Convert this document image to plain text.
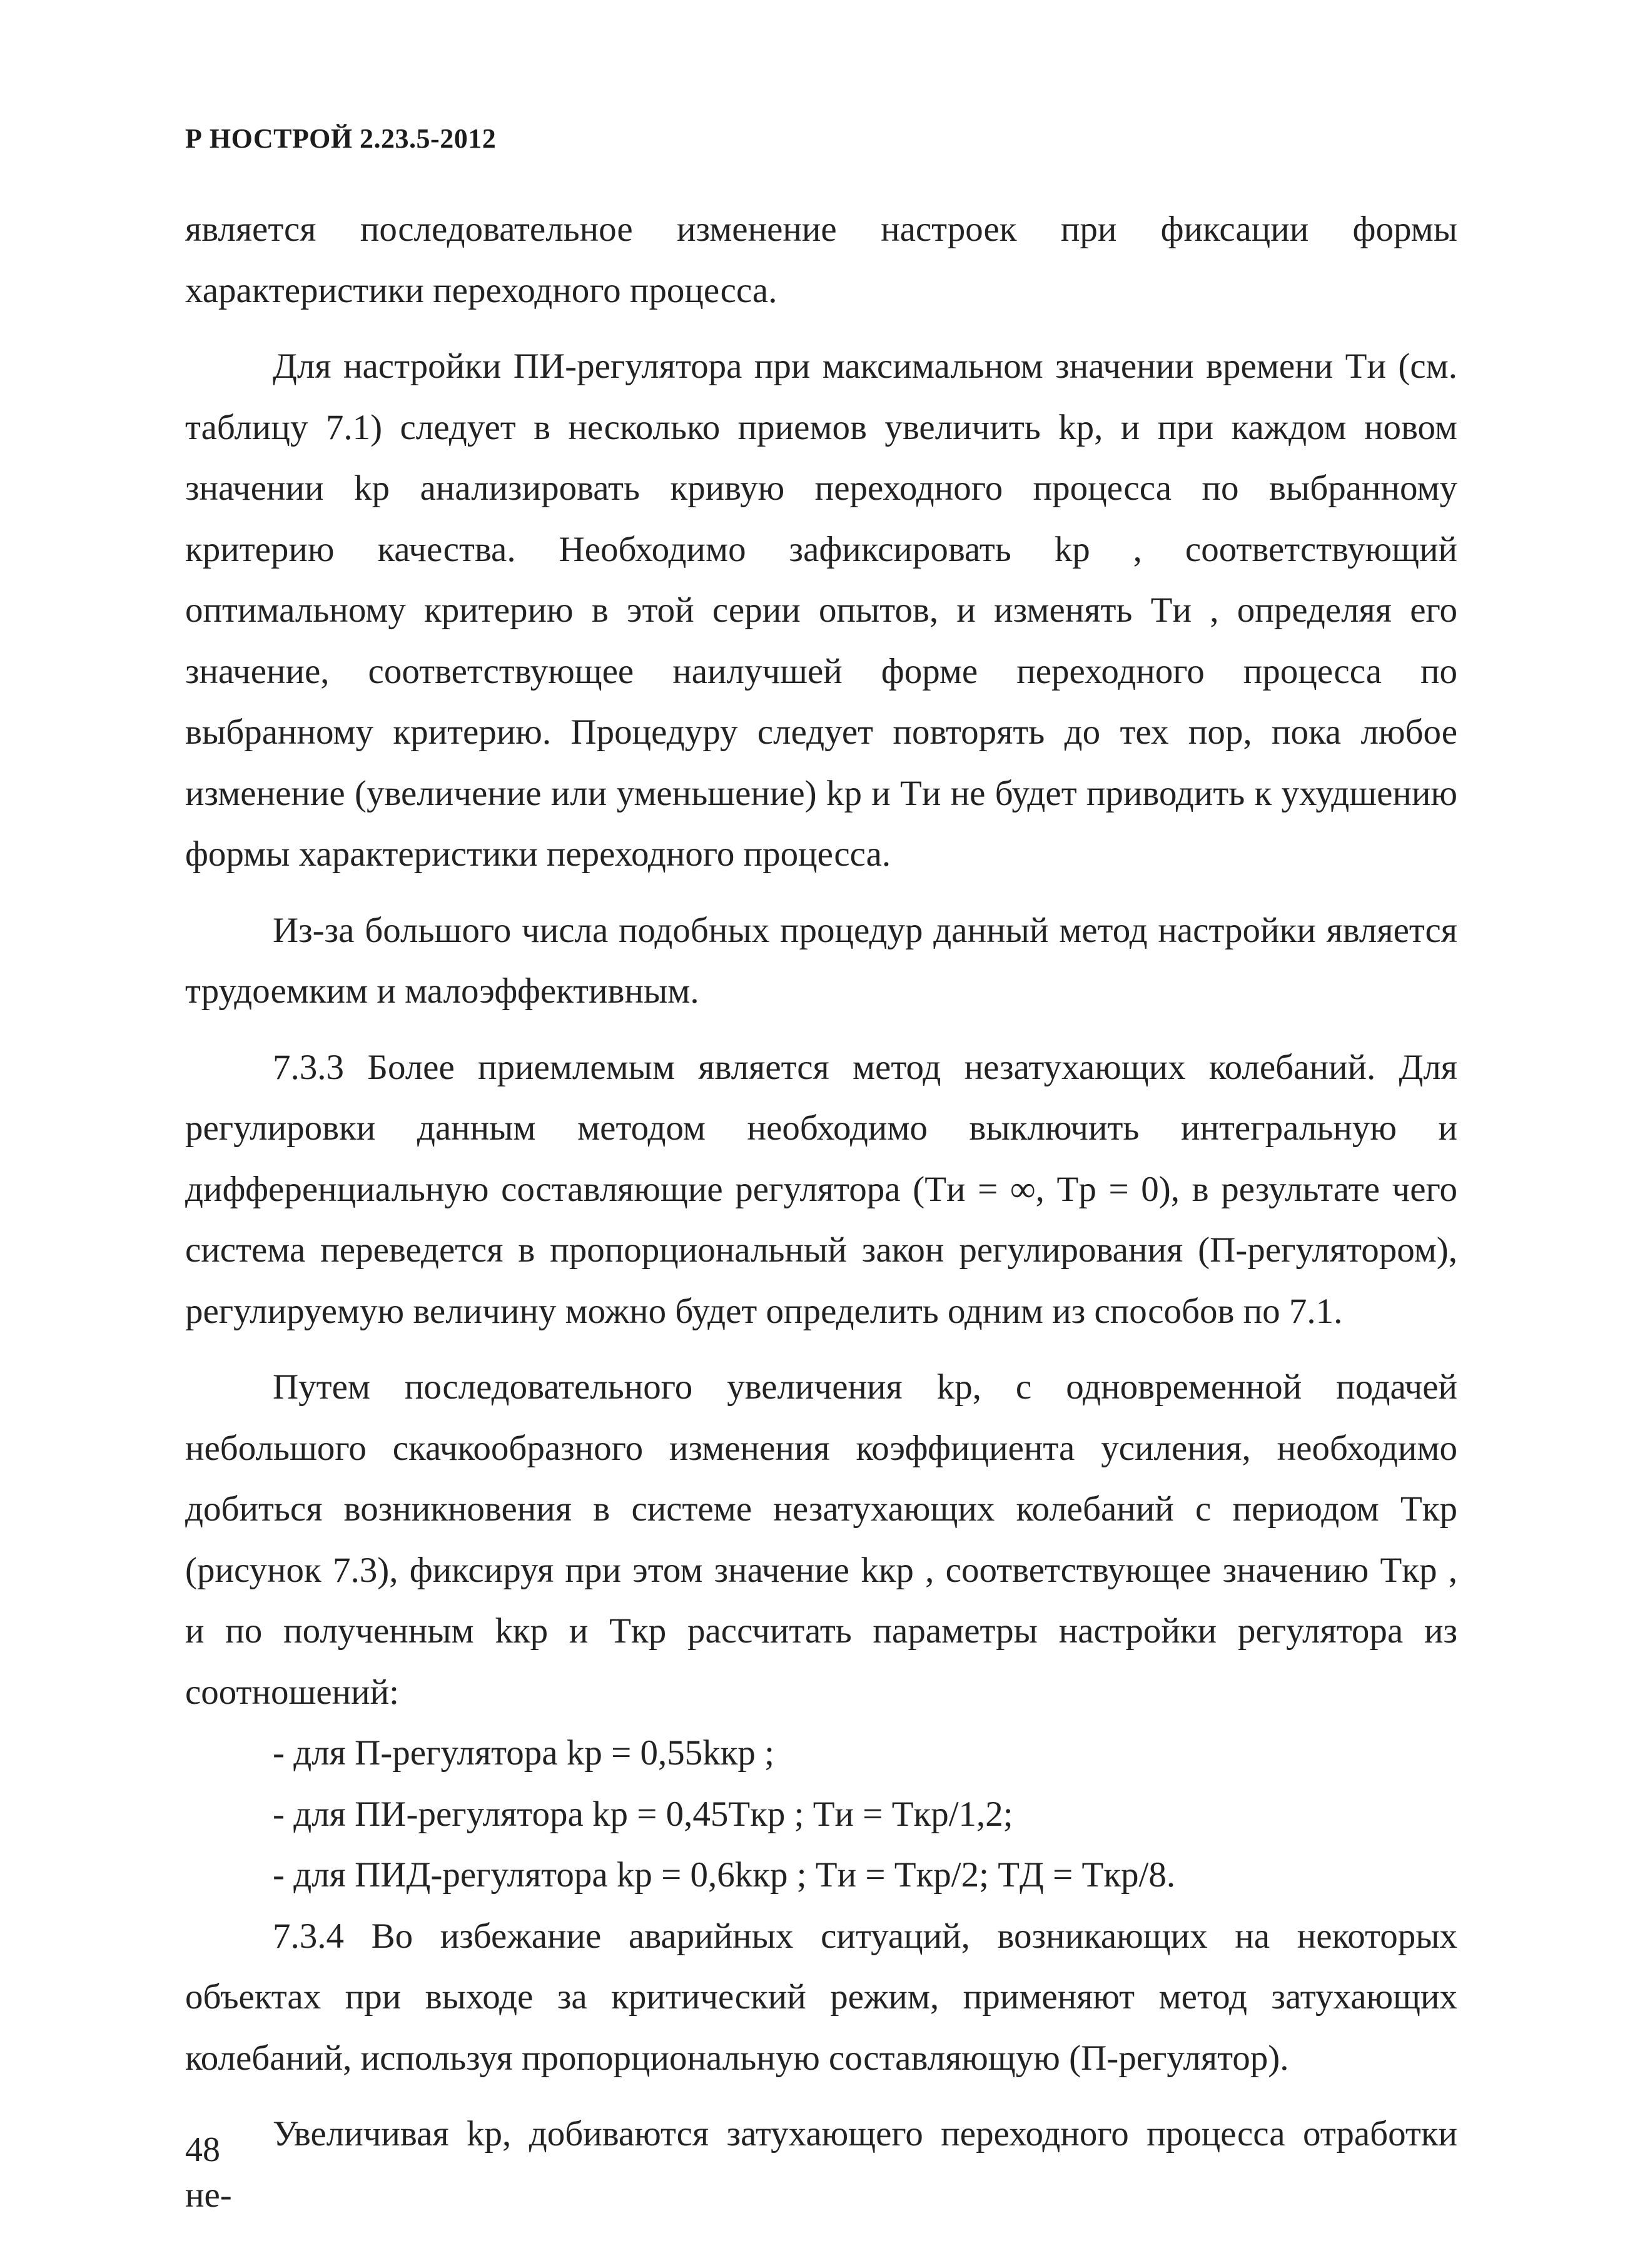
Р НОСТРОЙ 2.23.5-2012

является последовательное изменение настроек при фиксации формы характеристики переходного процесса.

Для настройки ПИ-регулятора при максимальном значении времени Tи (см. таблицу 7.1) следует в несколько приемов увеличить kp, и при каждом новом значении kp анализировать кривую переходного процесса по выбранному критерию качества. Необходимо зафиксировать kp , соответствующий оптимальному критерию в этой серии опытов, и изменять Tи , определяя его значение, соответствующее наилучшей форме переходного процесса по выбранному критерию. Процедуру следует повторять до тех пор, пока любое изменение (увеличение или уменьшение) kp и Tи не будет приводить к ухудшению формы характеристики переходного процесса.

Из-за большого числа подобных процедур данный метод настройки является трудоемким и малоэффективным.

7.3.3 Более приемлемым является метод незатухающих колебаний. Для регулировки данным методом необходимо выключить интегральную и дифференциальную составляющие регулятора (Tи = ∞, Tp = 0), в результате чего система переведется в пропорциональный закон регулирования (П-регулятором), регулируемую величину можно будет определить одним из способов по 7.1.

Путем последовательного увеличения kp, с одновременной подачей небольшого скачкообразного изменения коэффициента усиления, необходимо добиться возникновения в системе незатухающих колебаний с периодом Tкр (рисунок 7.3), фиксируя при этом значение kкр , соответствующее значению Tкр , и по полученным kкр и Tкр рассчитать параметры настройки регулятора из соотношений:

- для П-регулятора kp = 0,55kкр ;

- для ПИ-регулятора kp = 0,45Tкр ; Tи = Tкр/1,2;

- для ПИД-регулятора kp = 0,6kкр ; Tи = Tкр/2; TД = Tкр/8.

7.3.4 Во избежание аварийных ситуаций, возникающих на некоторых объектах при выходе за критический режим, применяют метод затухающих колебаний, используя пропорциональную составляющую (П-регулятор).

Увеличивая kp, добиваются затухающего переходного процесса отработки не-

48
